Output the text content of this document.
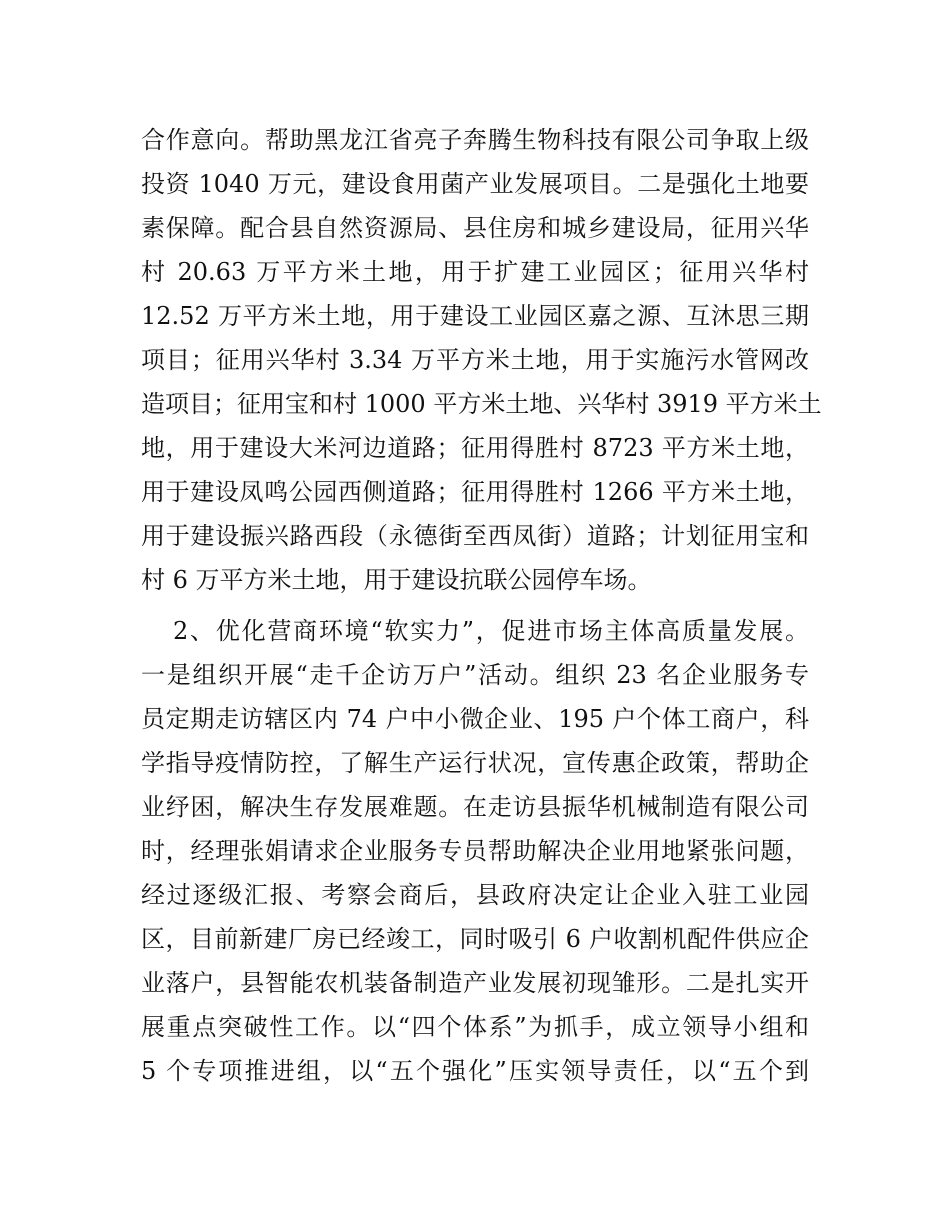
合作意向。帮助黑龙江省亮子奔腾生物科技有限公司争取上级
投资 1040 万元，建设食用菌产业发展项目。二是强化土地要
素保障。配合县自然资源局、县住房和城乡建设局，征用兴华
村 20.63 万平方米土地，用于扩建工业园区；征用兴华村
12.52 万平方米土地，用于建设工业园区嘉之源、互沐思三期
项目；征用兴华村 3.34 万平方米土地，用于实施污水管网改
造项目；征用宝和村 1000 平方米土地、兴华村 3919 平方米土
地，用于建设大米河边道路；征用得胜村 8723 平方米土地，
用于建设凤鸣公园西侧道路；征用得胜村 1266 平方米土地，
用于建设振兴路西段（永德街至西凤街）道路；计划征用宝和
村 6 万平方米土地，用于建设抗联公园停车场。
2、优化营商环境“软实力”，促进市场主体高质量发展。
一是组织开展“走千企访万户”活动。组织 23 名企业服务专
员定期走访辖区内 74 户中小微企业、195 户个体工商户，科
学指导疫情防控，了解生产运行状况，宣传惠企政策，帮助企
业纾困，解决生存发展难题。在走访县振华机械制造有限公司
时，经理张娟请求企业服务专员帮助解决企业用地紧张问题，
经过逐级汇报、考察会商后，县政府决定让企业入驻工业园
区，目前新建厂房已经竣工，同时吸引 6 户收割机配件供应企
业落户，县智能农机装备制造产业发展初现雏形。二是扎实开
展重点突破性工作。以“四个体系”为抓手，成立领导小组和
5 个专项推进组，以“五个强化”压实领导责任，以“五个到
